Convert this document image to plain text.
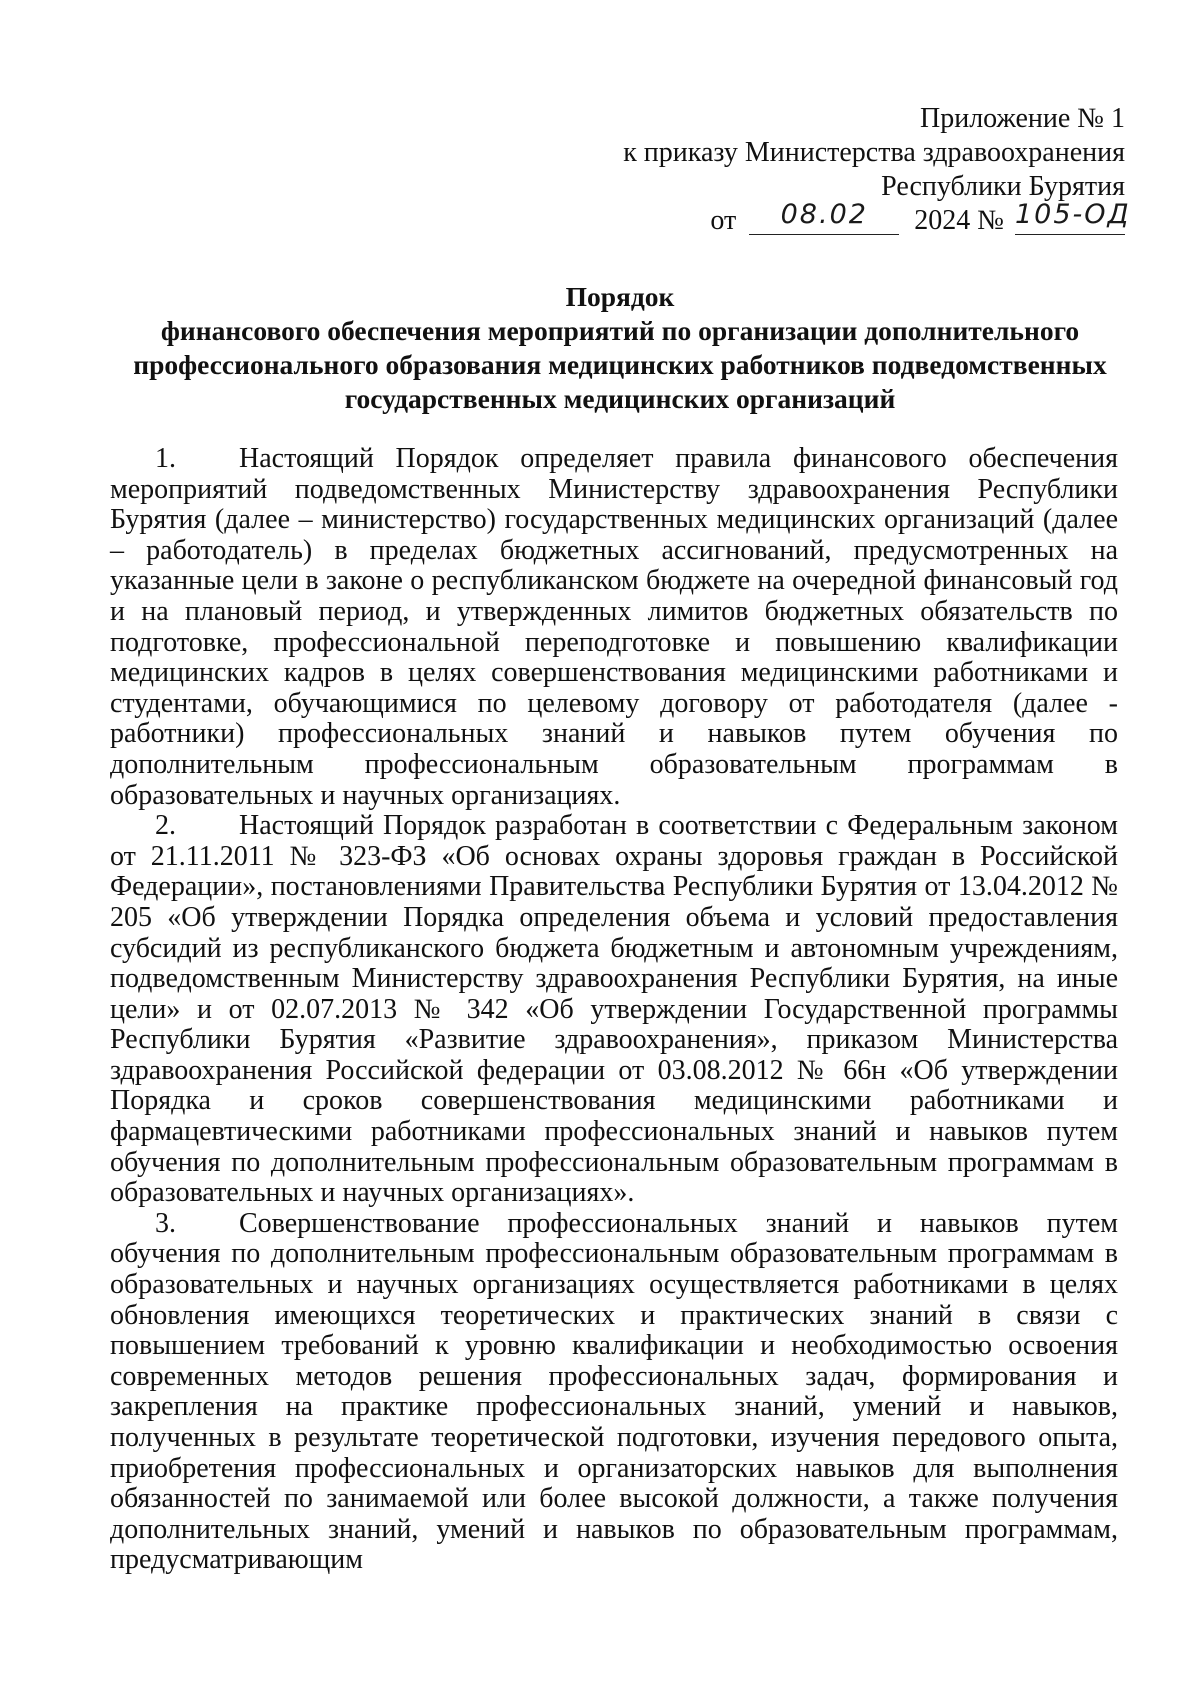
Приложение № 1
к приказу Министерства здравоохранения
Республики Бурятия
от 08.02 2024 № 105-ОД
Порядок
финансового обеспечения мероприятий по организации дополнительного
профессионального образования медицинских работников подведомственных
государственных медицинских организаций

1. Настоящий Порядок определяет правила финансового обеспечения мероприятий подведомственных Министерству здравоохранения Республики Бурятия (далее – министерство) государственных медицинских организаций (далее – работодатель) в пределах бюджетных ассигнований, предусмотренных на указанные цели в законе о республиканском бюджете на очередной финансовый год и на плановый период, и утвержденных лимитов бюджетных обязательств по подготовке, профессиональной переподготовке и повышению квалификации медицинских кадров в целях совершенствования медицинскими работниками и студентами, обучающимися по целевому договору от работодателя (далее - работники) профессиональных знаний и навыков путем обучения по дополнительным профессиональным образовательным программам в образовательных и научных организациях.

2. Настоящий Порядок разработан в соответствии с Федеральным законом от 21.11.2011 № 323-ФЗ «Об основах охраны здоровья граждан в Российской Федерации», постановлениями Правительства Республики Бурятия от 13.04.2012 № 205 «Об утверждении Порядка определения объема и условий предоставления субсидий из республиканского бюджета бюджетным и автономным учреждениям, подведомственным Министерству здравоохранения Республики Бурятия, на иные цели» и от 02.07.2013 № 342 «Об утверждении Государственной программы Республики Бурятия «Развитие здравоохранения», приказом Министерства здравоохранения Российской федерации от 03.08.2012 № 66н «Об утверждении Порядка и сроков совершенствования медицинскими работниками и фармацевтическими работниками профессиональных знаний и навыков путем обучения по дополнительным профессиональным образовательным программам в образовательных и научных организациях».

3. Совершенствование профессиональных знаний и навыков путем обучения по дополнительным профессиональным образовательным программам в образовательных и научных организациях осуществляется работниками в целях обновления имеющихся теоретических и практических знаний в связи с повышением требований к уровню квалификации и необходимостью освоения современных методов решения профессиональных задач, формирования и закрепления на практике профессиональных знаний, умений и навыков, полученных в результате теоретической подготовки, изучения передового опыта, приобретения профессиональных и организаторских навыков для выполнения обязанностей по занимаемой или более высокой должности, а также получения дополнительных знаний, умений и навыков по образовательным программам, предусматривающим
